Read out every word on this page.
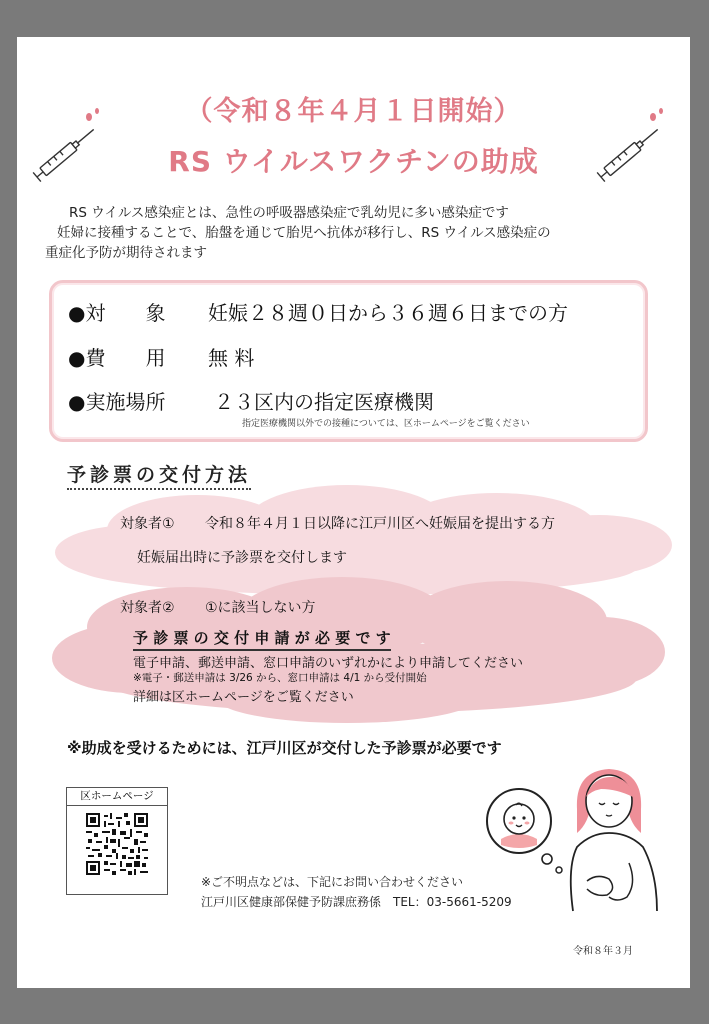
（令和８年４月１日開始）
RS ウイルスワクチンの助成
RS ウイルス感染症とは、急性の呼吸器感染症で乳幼児に多い感染症です
妊婦に接種することで、胎盤を通じて胎児へ抗体が移行し、RS ウイルス感染症の
重症化予防が期待されます
●対　　象 妊娠２８週０日から３６週６日までの方
●費　　用 無 料
●実施場所 ２３区内の指定医療機関
指定医療機関以外での接種については、区ホームページをご覧ください
予診票の交付方法
対象者① 令和８年４月１日以降に江戸川区へ妊娠届を提出する方
妊娠届出時に予診票を交付します
対象者② ①に該当しない方
予 診 票 の 交 付 申 請 が 必 要 で す
電子申請、郵送申請、窓口申請のいずれかにより申請してください
※電子・郵送申請は 3/26 から、窓口申請は 4/1 から受付開始
詳細は区ホームページをご覧ください
※助成を受けるためには、江戸川区が交付した予診票が必要です
区ホームページ
※ご不明点などは、下記にお問い合わせください
江戸川区健康部保健予防課庶務係　TEL：03-5661-5209
令和８年３月
